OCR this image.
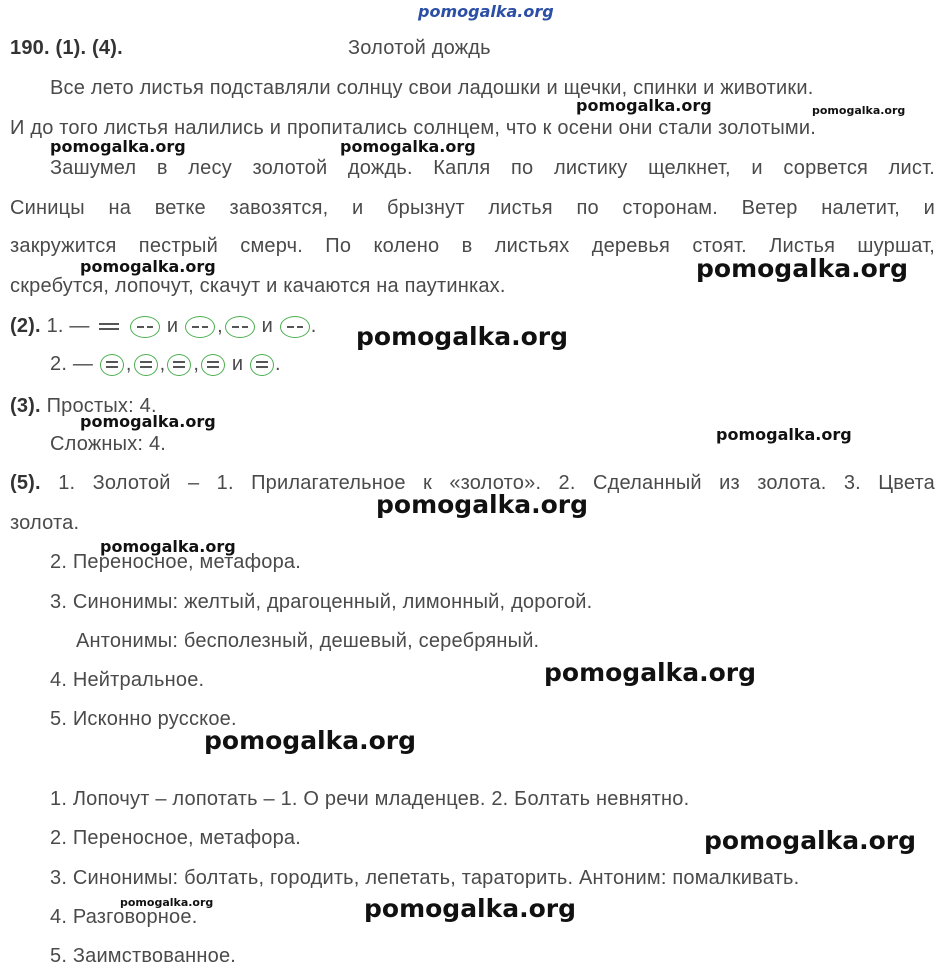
pomogalka.org
190. (1). (4).	Золотой дождь
Все лето листья подставляли солнцу свои ладошки и щечки, спинки и животики.
И до того листья налились и пропитались солнцем, что к осени они стали золотыми.
Зашумел в лесу золотой дождь. Капля по листику щелкнет, и сорвется лист.
Синицы на ветке завозятся, и брызнут листья по сторонам. Ветер налетит, и
закружится пестрый смерч. По колено в листьях деревья стоят. Листья шуршат,
скребутся, лопочут, скачут и качаются на паутинках.
(2). 1. —	и , и .
2. — , , , и .
(3). Простых: 4.
Сложных: 4.
(5). 1. Золотой – 1. Прилагательное к «золото». 2. Сделанный из золота. 3. Цвета
золота.
2. Переносное, метафора.
3. Синонимы: желтый, драгоценный, лимонный, дорогой.
Антонимы: бесполезный, дешевый, серебряный.
4. Нейтральное.
5. Исконно русское.
1. Лопочут – лопотать – 1. О речи младенцев. 2. Болтать невнятно.
2. Переносное, метафора.
3. Синонимы: болтать, городить, лепетать, тараторить. Антоним: помалкивать.
4. Разговорное.
5. Заимствованное.
pomogalka.org	pomogalka.org
pomogalka.org	pomogalka.org
pomogalka.org	pomogalka.org
pomogalka.org
pomogalka.org
pomogalka.org
pomogalka.org
pomogalka.org
pomogalka.org
pomogalka.org
pomogalka.org
pomogalka.org	pomogalka.org
